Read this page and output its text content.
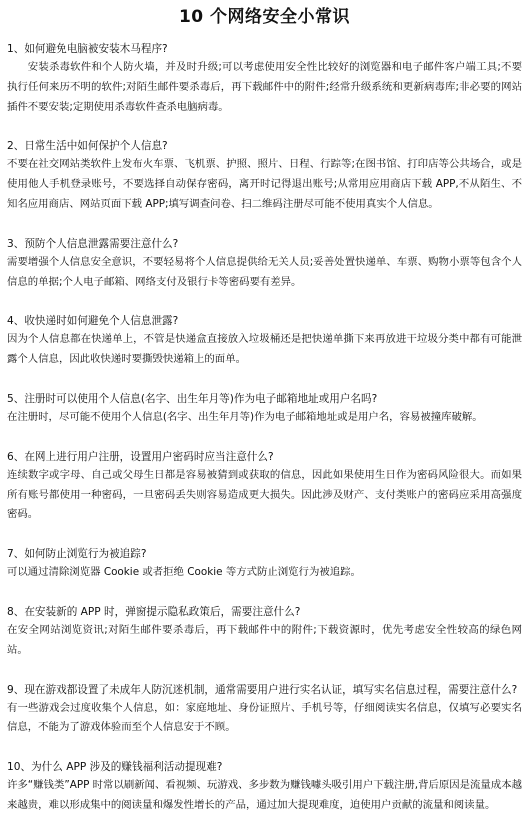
10 个网络安全小常识
1、如何避免电脑被安装木马程序?
安装杀毒软件和个人防火墙，并及时升级;可以考虑使用安全性比较好的浏览器和电子邮件客户端工具;不要执行任何来历不明的软件;对陌生邮件要杀毒后，再下载邮件中的附件;经常升级系统和更新病毒库;非必要的网站插件不要安装;定期使用杀毒软件查杀电脑病毒。
2、日常生活中如何保护个人信息?
不要在社交网站类软件上发布火车票、飞机票、护照、照片、日程、行踪等;在图书馆、打印店等公共场合，或是使用他人手机登录账号，不要选择自动保存密码，离开时记得退出账号;从常用应用商店下载 APP,不从陌生、不知名应用商店、网站页面下载 APP;填写调查问卷、扫二维码注册尽可能不使用真实个人信息。
3、预防个人信息泄露需要注意什么?
需要增强个人信息安全意识，不要轻易将个人信息提供给无关人员;妥善处置快递单、车票、购物小票等包含个人信息的单据;个人电子邮箱、网络支付及银行卡等密码要有差异。
4、收快递时如何避免个人信息泄露?
因为个人信息都在快递单上，不管是快递盒直接放入垃圾桶还是把快递单撕下来再放进干垃圾分类中都有可能泄露个人信息，因此收快递时要撕毁快递箱上的面单。
5、注册时可以使用个人信息(名字、出生年月等)作为电子邮箱地址或用户名吗?
在注册时，尽可能不使用个人信息(名字、出生年月等)作为电子邮箱地址或是用户名，容易被撞库破解。
6、在网上进行用户注册，设置用户密码时应当注意什么?
连续数字或字母、自己或父母生日都是容易被猜到或获取的信息，因此如果使用生日作为密码风险很大。而如果所有账号都使用一种密码，一旦密码丢失则容易造成更大损失。因此涉及财产、支付类账户的密码应采用高强度密码。
7、如何防止浏览行为被追踪?
可以通过清除浏览器 Cookie 或者拒绝 Cookie 等方式防止浏览行为被追踪。
8、在安装新的 APP 时，弹窗提示隐私政策后，需要注意什么?
在安全网站浏览资讯;对陌生邮件要杀毒后，再下载邮件中的附件;下载资源时，优先考虑安全性较高的绿色网站。
9、现在游戏都设置了未成年人防沉迷机制，通常需要用户进行实名认证，填写实名信息过程，需要注意什么?
有一些游戏会过度收集个人信息，如：家庭地址、身份证照片、手机号等，仔细阅读实名信息，仅填写必要实名信息，不能为了游戏体验而至个人信息安于不顾。
10、为什么 APP 涉及的赚钱福利活动提现难?
许多“赚钱类”APP 时常以刷新闻、看视频、玩游戏、多步数为赚钱噱头吸引用户下载注册,背后原因是流量成本越来越贵，难以形成集中的阅读量和爆发性增长的产品，通过加大提现难度，迫使用户贡献的流量和阅读量。
